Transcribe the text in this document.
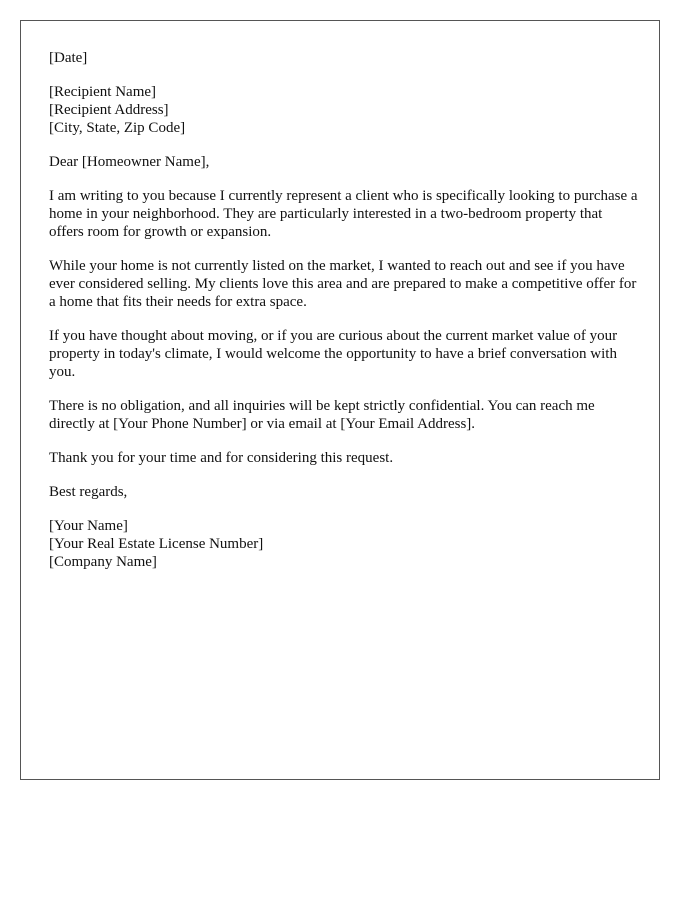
[Date]
[Recipient Name]
[Recipient Address]
[City, State, Zip Code]
Dear [Homeowner Name],
I am writing to you because I currently represent a client who is specifically looking to purchase a home in your neighborhood. They are particularly interested in a two-bedroom property that offers room for growth or expansion.
While your home is not currently listed on the market, I wanted to reach out and see if you have ever considered selling. My clients love this area and are prepared to make a competitive offer for a home that fits their needs for extra space.
If you have thought about moving, or if you are curious about the current market value of your property in today's climate, I would welcome the opportunity to have a brief conversation with you.
There is no obligation, and all inquiries will be kept strictly confidential. You can reach me directly at [Your Phone Number] or via email at [Your Email Address].
Thank you for your time and for considering this request.
Best regards,
[Your Name]
[Your Real Estate License Number]
[Company Name]
